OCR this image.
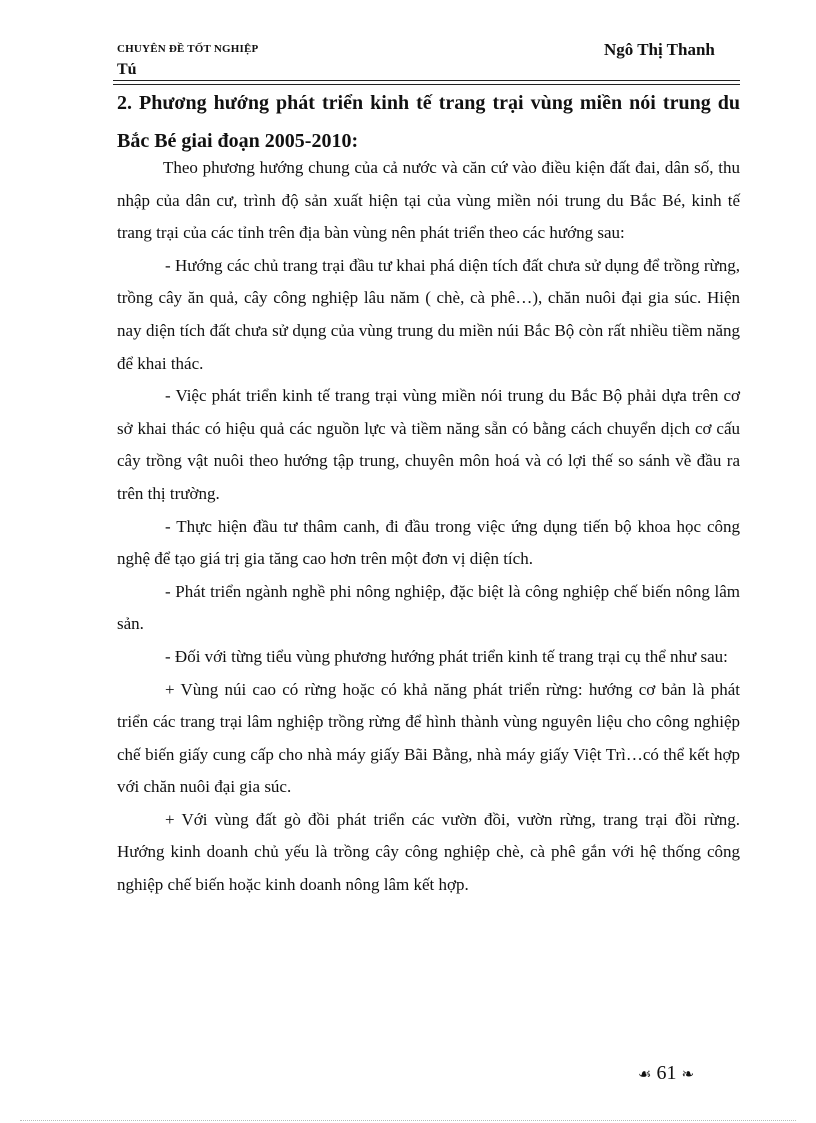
CHUYÊN ĐỀ TỐT NGHIỆP
Tú
Ngô Thị Thanh
2. Phương hướng phát triển kinh tế trang trại vùng miền nói trung du Bắc Bé giai đoạn 2005-2010:

Theo phương hướng chung của cả nước và căn cứ vào điều kiện đất đai, dân số, thu nhập của dân cư, trình độ sản xuất hiện tại của vùng miền nói trung du Bắc Bé, kinh tế trang trại của các tỉnh trên địa bàn vùng nên phát triển theo các hướng sau:

- Hướng các chủ trang trại đầu tư khai phá diện tích đất chưa sử dụng để trồng rừng, trồng cây ăn quả, cây công nghiệp lâu năm ( chè, cà phê…), chăn nuôi đại gia súc. Hiện nay diện tích đất chưa sử dụng của vùng trung du miền núi Bắc Bộ còn rất nhiều tiềm năng để khai thác.

- Việc phát triển kinh tế trang trại vùng miền nói trung du Bắc Bộ phải dựa trên cơ sở khai thác có hiệu quả các nguồn lực và tiềm năng sẵn có bằng cách chuyển dịch cơ cấu cây trồng vật nuôi theo hướng tập trung, chuyên môn hoá và có lợi thế so sánh về đầu ra trên thị trường.

- Thực hiện đầu tư thâm canh, đi đầu trong việc ứng dụng tiến bộ khoa học công nghệ để tạo giá trị gia tăng cao hơn trên một đơn vị diện tích.

- Phát triển ngành nghề phi nông nghiệp, đặc biệt là công nghiệp chế biến nông lâm sản.

- Đối với từng tiểu vùng phương hướng phát triển kinh tế trang trại cụ thể như sau:

+ Vùng núi cao có rừng hoặc có khả năng phát triển rừng: hướng cơ bản là phát triển các trang trại lâm nghiệp trồng rừng để hình thành vùng nguyên liệu cho công nghiệp chế biến giấy cung cấp cho nhà máy giấy Bãi Bằng, nhà máy giấy Việt Trì…có thể kết hợp với chăn nuôi đại gia súc.

+ Với vùng đất gò đồi phát triển các vườn đồi, vườn rừng, trang trại đồi rừng. Hướng kinh doanh chủ yếu là trồng cây công nghiệp chè, cà phê gắn với hệ thống công nghiệp chế biến hoặc kinh doanh nông lâm kết hợp.

☙ 61 ❧
